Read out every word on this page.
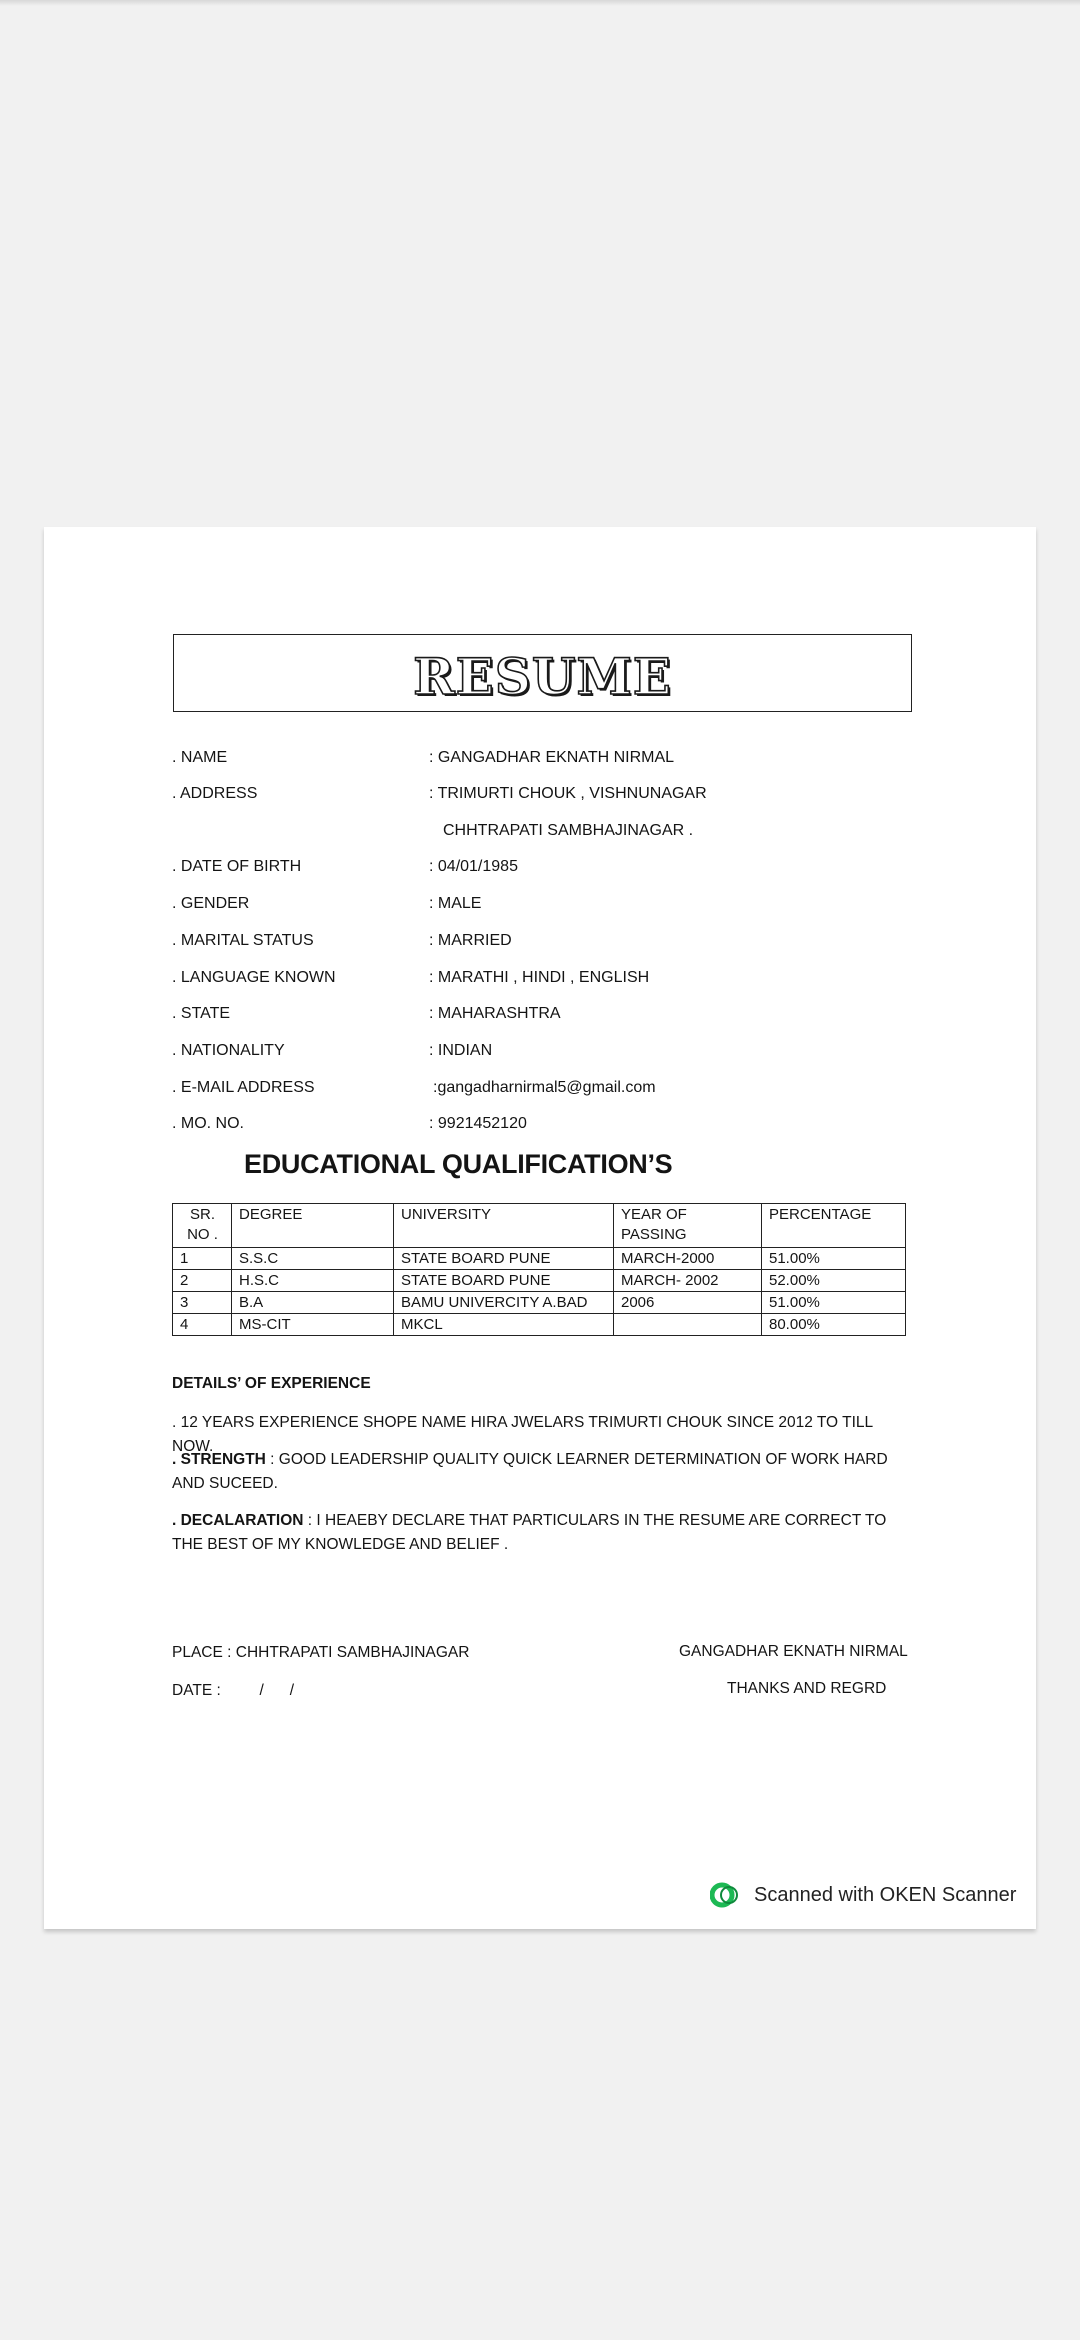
RESUME
. NAME	: GANGADHAR EKNATH NIRMAL
. ADDRESS	: TRIMURTI CHOUK , VISHNUNAGAR
CHHTRAPATI SAMBHAJINAGAR .
. DATE OF BIRTH	: 04/01/1985
. GENDER	: MALE
. MARITAL STATUS	: MARRIED
. LANGUAGE KNOWN	: MARATHI , HINDI , ENGLISH
. STATE	: MAHARASHTRA
. NATIONALITY	: INDIAN
. E-MAIL ADDRESS	:gangadharnirmal5@gmail.com
. MO. NO.	: 9921452120
EDUCATIONAL QUALIFICATION’S
SR. NO .	DEGREE	UNIVERSITY	YEAR OF PASSING	PERCENTAGE
1	S.S.C	STATE BOARD PUNE	MARCH-2000	51.00%
2	H.S.C	STATE BOARD PUNE	MARCH- 2002	52.00%
3	B.A	BAMU UNIVERCITY A.BAD	2006	51.00%
4	MS-CIT	MKCL		80.00%
DETAILS’ OF EXPERIENCE
. 12 YEARS EXPERIENCE SHOPE NAME HIRA JWELARS TRIMURTI CHOUK SINCE 2012 TO TILL NOW.
. STRENGTH : GOOD LEADERSHIP QUALITY QUICK LEARNER DETERMINATION OF WORK HARD AND SUCEED.
. DECALARATION : I HEAEBY DECLARE THAT PARTICULARS IN THE RESUME ARE CORRECT TO THE BEST OF MY KNOWLEDGE AND BELIEF .
PLACE : CHHTRAPATI SAMBHAJINAGAR
DATE :         /      /
GANGADHAR EKNATH NIRMAL
THANKS AND REGRD
Scanned with OKEN Scanner
